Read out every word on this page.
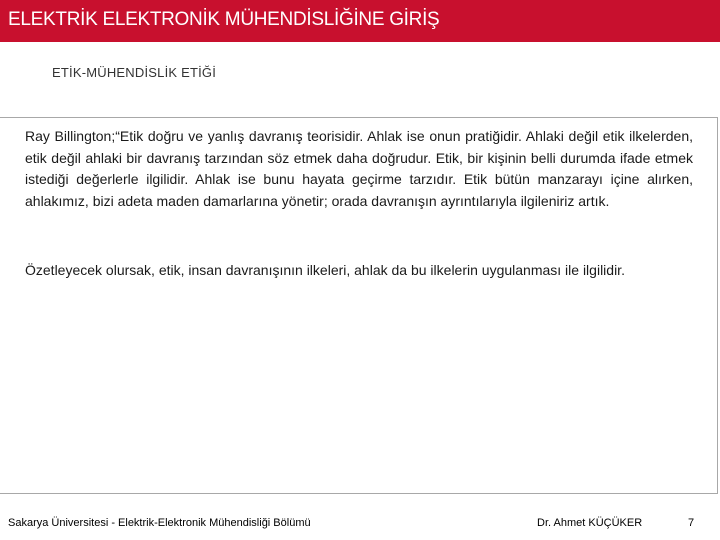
ELEKTRİK ELEKTRONİK MÜHENDİSLİĞİNE GİRİŞ
ETİK-MÜHENDİSLİK ETİĞİ

Ray Billington;“Etik doğru ve yanlış davranış teorisidir. Ahlak ise onun pratiğidir. Ahlaki değil etik ilkelerden, etik değil ahlaki bir davranış tarzından söz etmek daha doğrudur. Etik, bir kişinin belli durumda ifade etmek istediği değerlerle ilgilidir. Ahlak ise bunu hayata geçirme tarzıdır. Etik bütün manzarayı içine alırken, ahlakımız, bizi adeta maden damarlarına yönetir; orada davranışın ayrıntılarıyla ilgileniriz artık.

Özetleyecek olursak, etik, insan davranışının ilkeleri, ahlak da bu ilkelerin uygulanması ile ilgilidir.

Sakarya Üniversitesi - Elektrik-Elektronik Mühendisliği Bölümü	Dr. Ahmet KÜÇÜKER	7
